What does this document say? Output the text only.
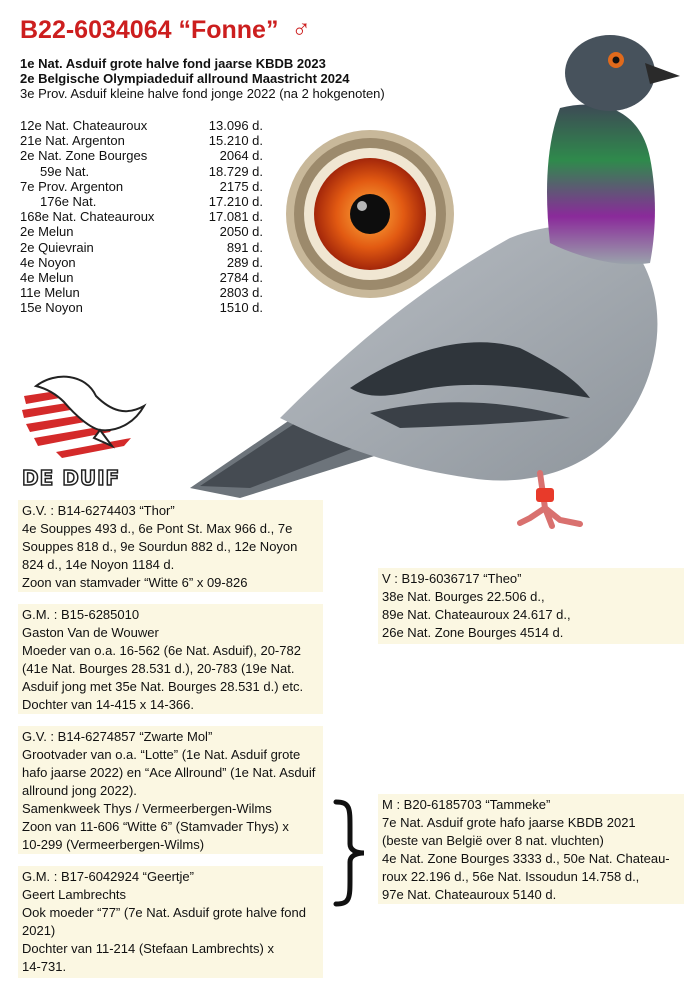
B22-6034064 “Fonne” ♂
1e Nat. Asduif grote halve fond jaarse KBDB 2023
2e Belgische Olympiadeduif allround Maastricht 2024
3e Prov. Asduif kleine halve fond jonge 2022 (na 2 hokgenoten)
12e Nat. Chateauroux	13.096 d.
21e Nat. Argenton	15.210 d.
2e Nat. Zone Bourges	2064 d.
59e Nat.	18.729 d.
7e Prov. Argenton	2175 d.
176e Nat.	17.210 d.
168e Nat. Chateauroux	17.081 d.
2e Melun	2050 d.
2e Quievrain	891 d.
4e Noyon	289 d.
4e Melun	2784 d.
11e Melun	2803 d.
15e Noyon	1510 d.
DE DUIF
G.V. : B14-6274403 “Thor”
4e Souppes 493 d., 6e Pont St. Max 966 d., 7e
Souppes 818 d., 9e Sourdun 882 d., 12e Noyon
824 d., 14e Noyon 1184 d.
Zoon van stamvader “Witte 6” x 09-826
G.M. : B15-6285010
Gaston Van de Wouwer
Moeder van o.a. 16-562 (6e Nat. Asduif), 20-782
(41e Nat. Bourges 28.531 d.), 20-783 (19e Nat.
Asduif jong met 35e Nat. Bourges 28.531 d.) etc.
Dochter van 14-415 x 14-366.
V : B19-6036717 “Theo”
38e Nat. Bourges 22.506 d.,
89e Nat. Chateauroux 24.617 d.,
26e Nat. Zone Bourges 4514 d.
G.V. : B14-6274857 “Zwarte Mol”
Grootvader van o.a. “Lotte” (1e Nat. Asduif grote
hafo jaarse 2022) en “Ace Allround” (1e Nat. Asduif
allround jong 2022).
Samenkweek Thys / Vermeerbergen-Wilms
Zoon van 11-606 “Witte 6” (Stamvader Thys) x
10-299 (Vermeerbergen-Wilms)
G.M. : B17-6042924 “Geertje”
Geert Lambrechts
Ook moeder “77” (7e Nat. Asduif grote halve fond
2021)
Dochter van 11-214 (Stefaan Lambrechts) x
14-731.
M : B20-6185703 “Tammeke”
7e Nat. Asduif grote hafo jaarse KBDB 2021
(beste van België over 8 nat. vluchten)
4e Nat. Zone Bourges 3333 d., 50e Nat. Chateau-
roux 22.196 d., 56e Nat. Issoudun 14.758 d.,
97e Nat. Chateauroux 5140 d.
